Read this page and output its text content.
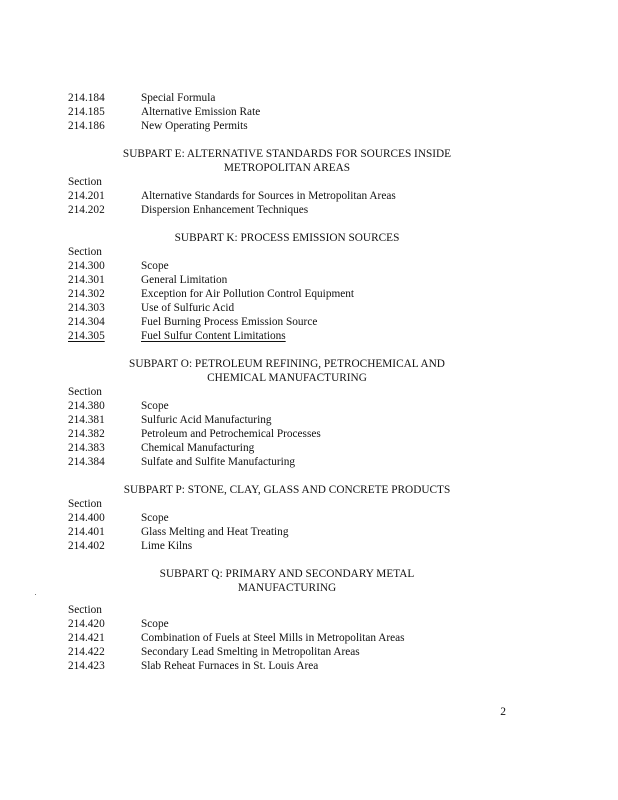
214.184	Special Formula
214.185	Alternative Emission Rate
214.186	New Operating Permits
SUBPART E: ALTERNATIVE STANDARDS FOR SOURCES INSIDE
METROPOLITAN AREAS
Section
214.201	Alternative Standards for Sources in Metropolitan Areas
214.202	Dispersion Enhancement Techniques
SUBPART K: PROCESS EMISSION SOURCES
Section
214.300	Scope
214.301	General Limitation
214.302	Exception for Air Pollution Control Equipment
214.303	Use of Sulfuric Acid
214.304	Fuel Burning Process Emission Source
214.305	Fuel Sulfur Content Limitations
SUBPART O: PETROLEUM REFINING, PETROCHEMICAL AND
CHEMICAL MANUFACTURING
Section
214.380	Scope
214.381	Sulfuric Acid Manufacturing
214.382	Petroleum and Petrochemical Processes
214.383	Chemical Manufacturing
214.384	Sulfate and Sulfite Manufacturing
SUBPART P: STONE, CLAY, GLASS AND CONCRETE PRODUCTS
Section
214.400	Scope
214.401	Glass Melting and Heat Treating
214.402	Lime Kilns
SUBPART Q: PRIMARY AND SECONDARY METAL
MANUFACTURING
Section
214.420	Scope
214.421	Combination of Fuels at Steel Mills in Metropolitan Areas
214.422	Secondary Lead Smelting in Metropolitan Areas
214.423	Slab Reheat Furnaces in St. Louis Area
2
